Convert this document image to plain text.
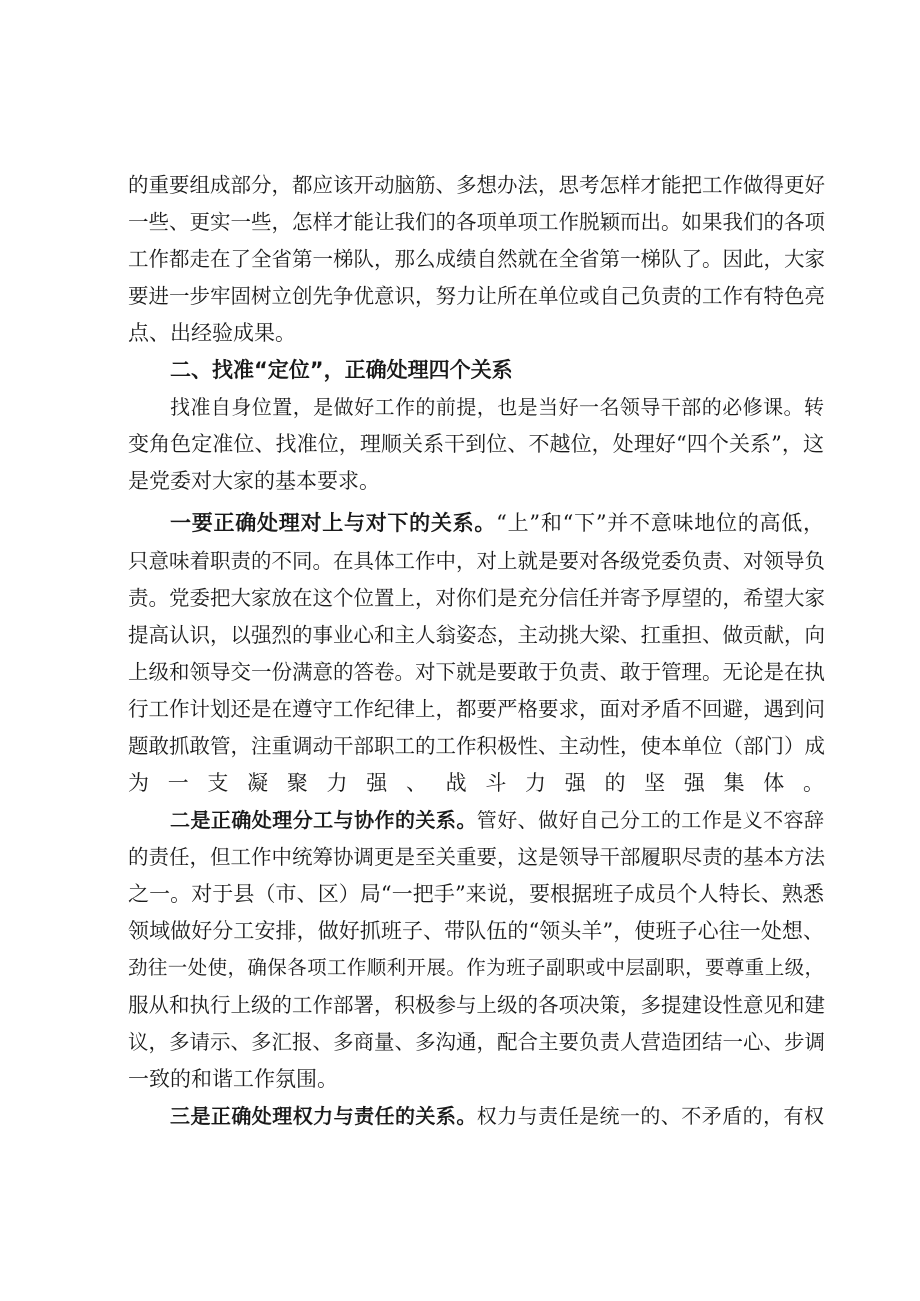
的重要组成部分，都应该开动脑筋、多想办法，思考怎样才能把工作做得更好
一些、更实一些，怎样才能让我们的各项单项工作脱颖而出。如果我们的各项
工作都走在了全省第一梯队，那么成绩自然就在全省第一梯队了。因此，大家
要进一步牢固树立创先争优意识，努力让所在单位或自己负责的工作有特色亮
点、出经验成果。
二、找准“定位”，正确处理四个关系
找准自身位置，是做好工作的前提，也是当好一名领导干部的必修课。转
变角色定准位、找准位，理顺关系干到位、不越位，处理好“四个关系”，这
是党委对大家的基本要求。
一要正确处理对上与对下的关系。“上”和“下”并不意味地位的高低，
只意味着职责的不同。在具体工作中，对上就是要对各级党委负责、对领导负
责。党委把大家放在这个位置上，对你们是充分信任并寄予厚望的，希望大家
提高认识，以强烈的事业心和主人翁姿态，主动挑大梁、扛重担、做贡献，向
上级和领导交一份满意的答卷。对下就是要敢于负责、敢于管理。无论是在执
行工作计划还是在遵守工作纪律上，都要严格要求，面对矛盾不回避，遇到问
题敢抓敢管，注重调动干部职工的工作积极性、主动性，使本单位（部门）成
为一支凝聚力强、战斗力强的坚强集体。
二是正确处理分工与协作的关系。管好、做好自己分工的工作是义不容辞
的责任，但工作中统筹协调更是至关重要，这是领导干部履职尽责的基本方法
之一。对于县（市、区）局“一把手”来说，要根据班子成员个人特长、熟悉
领域做好分工安排，做好抓班子、带队伍的“领头羊”，使班子心往一处想、
劲往一处使，确保各项工作顺利开展。作为班子副职或中层副职，要尊重上级，
服从和执行上级的工作部署，积极参与上级的各项决策，多提建设性意见和建
议，多请示、多汇报、多商量、多沟通，配合主要负责人营造团结一心、步调
一致的和谐工作氛围。
三是正确处理权力与责任的关系。权力与责任是统一的、不矛盾的，有权
